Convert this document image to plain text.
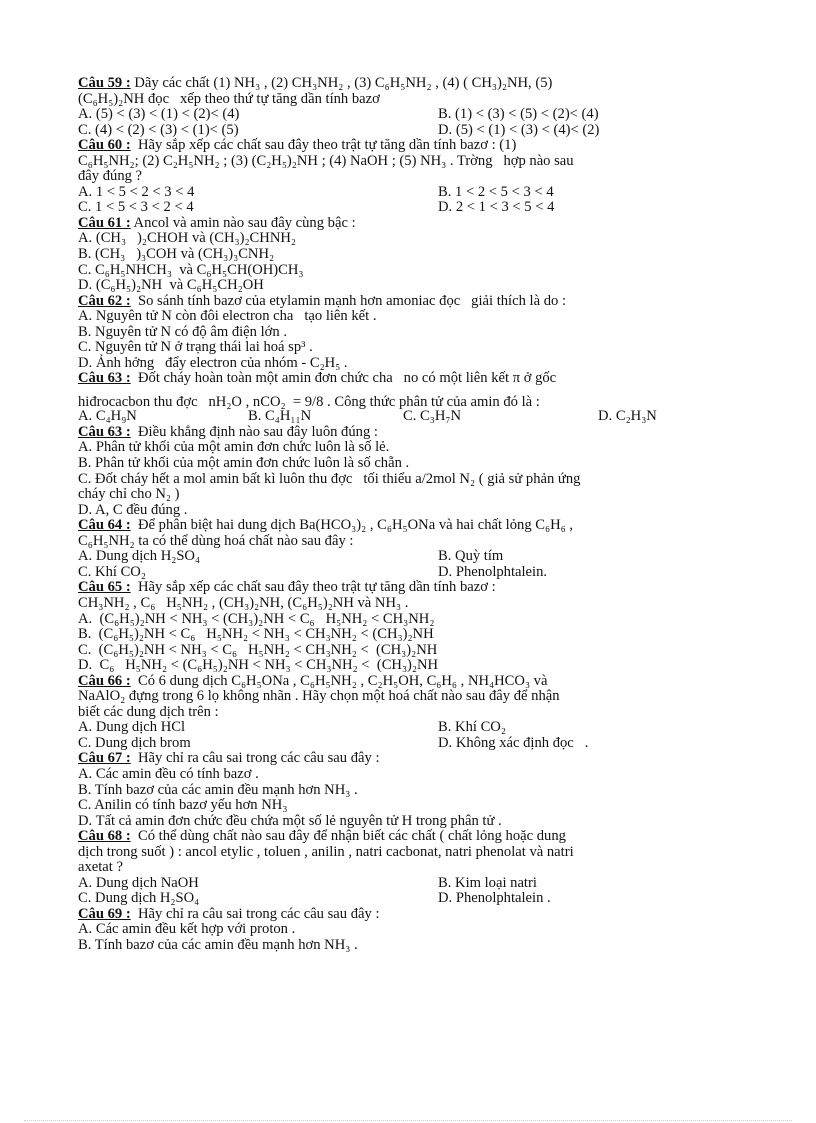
Câu 59 : Dãy các chất (1) NH₃ , (2) CH₃NH₂ , (3) C₆H₅NH₂ , (4) ( CH₃)₂NH, (5)
(C₆H₅)₂NH đọc   xếp theo thứ tự tăng dần tính bazơ
A. (5) < (3) < (1) < (2)< (4)	B. (1) < (3) < (5) < (2)< (4)
C. (4) < (2) < (3) < (1)< (5)	D. (5) < (1) < (3) < (4)< (2)
Câu 60 :  Hãy sắp xếp các chất sau đây theo trật tự tăng dần tính bazơ : (1)
C₆H₅NH₂; (2) C₂H₅NH₂ ; (3) (C₂H₅)₂NH ; (4) NaOH ; (5) NH₃ . Trờng   hợp nào sau
đây đúng ?
A. 1 < 5 < 2 < 3 < 4	B. 1 < 2 < 5 < 3 < 4
C. 1 < 5 < 3 < 2 < 4	D. 2 < 1 < 3 < 5 < 4
Câu 61 : Ancol và amin nào sau đây cùng bậc :
A. (CH₃   )₂CHOH và (CH₃)₂CHNH₂
B. (CH₃   )₃COH và (CH₃)₃CNH₂
C. C₆H₅NHCH₃  và C₆H₅CH(OH)CH₃
D. (C₆H₅)₂NH  và C₆H₅CH₂OH
Câu 62 :  So sánh tính bazơ của etylamin mạnh hơn amoniac đọc   giải thích là do :
A. Nguyên tử N còn đôi electron cha   tạo liên kết .
B. Nguyên tử N có độ âm điện lớn .
C. Nguyên tử N ở trạng thái lai hoá sp³ .
D. Ảnh hởng   đẩy electron của nhóm - C₂H₅ .
Câu 63 :  Đốt cháy hoàn toàn một amin đơn chức cha   no có một liên kết π ở gốc
hiđrocacbon thu đợc   nH₂O , nCO₂  = 9/8 . Công thức phân tử của amin đó là :
A. C₄H₉N	B. C₄H₁₁N	C. C₃H₇N	D. C₂H₃N
Câu 63 :  Điều khẳng định nào sau đây luôn đúng :
A. Phân tử khối của một amin đơn chức luôn là số lẻ.
B. Phân tử khối của một amin đơn chức luôn là số chẵn .
C. Đốt cháy hết a mol amin bất kì luôn thu đợc   tối thiểu a/2mol N₂ ( giả sử phản ứng
cháy chỉ cho N₂ )
D. A, C đều đúng .
Câu 64 :  Để phân biệt hai dung dịch Ba(HCO₃)₂ , C₆H₅ONa và hai chất lỏng C₆H₆ ,
C₆H₅NH₂ ta có thể dùng hoá chất nào sau đây :
A. Dung dịch H₂SO₄	B. Quỳ tím
C. Khí CO₂	D. Phenolphtalein.
Câu 65 :  Hãy sắp xếp các chất sau đây theo trật tự tăng dần tính bazơ :
CH₃NH₂ , C₆   H₅NH₂ , (CH₃)₂NH, (C₆H₅)₂NH và NH₃ .
A.  (C₆H₅)₂NH < NH₃ < (CH₃)₂NH < C₆   H₅NH₂ < CH₃NH₂
B.  (C₆H₅)₂NH < C₆   H₅NH₂ < NH₃ < CH₃NH₂ < (CH₃)₂NH
C.  (C₆H₅)₂NH < NH₃ < C₆   H₅NH₂ < CH₃NH₂ <  (CH₃)₂NH
D.  C₆   H₅NH₂ < (C₆H₅)₂NH < NH₃ < CH₃NH₂ <  (CH₃)₂NH
Câu 66 :  Có 6 dung dịch C₆H₅ONa , C₆H₅NH₂ , C₂H₅OH, C₆H₆ , NH₄HCO₃ và
NaAlO₂ đựng trong 6 lọ không nhãn . Hãy chọn một hoá chất nào sau đây để nhận
biết các dung dịch trên :
A. Dung dịch HCl	B. Khí CO₂
C. Dung dịch brom	D. Không xác định đọc   .
Câu 67 :  Hãy chỉ ra câu sai trong các câu sau đây :
A. Các amin đều có tính bazơ .
B. Tính bazơ của các amin đều mạnh hơn NH₃ .
C. Anilin có tính bazơ yếu hơn NH₃
D. Tất cả amin đơn chức đều chứa một số lẻ nguyên tử H trong phân tử .
Câu 68 :  Có thể dùng chất nào sau đây để nhận biết các chất ( chất lỏng hoặc dung
dịch trong suốt ) : ancol etylic , toluen , anilin , natri cacbonat, natri phenolat và natri
axetat ?
A. Dung dịch NaOH	B. Kim loại natri
C. Dung dịch H₂SO₄	D. Phenolphtalein .
Câu 69 :  Hãy chỉ ra câu sai trong các câu sau đây :
A. Các amin đều kết hợp với proton .
B. Tính bazơ của các amin đều mạnh hơn NH₃ .
